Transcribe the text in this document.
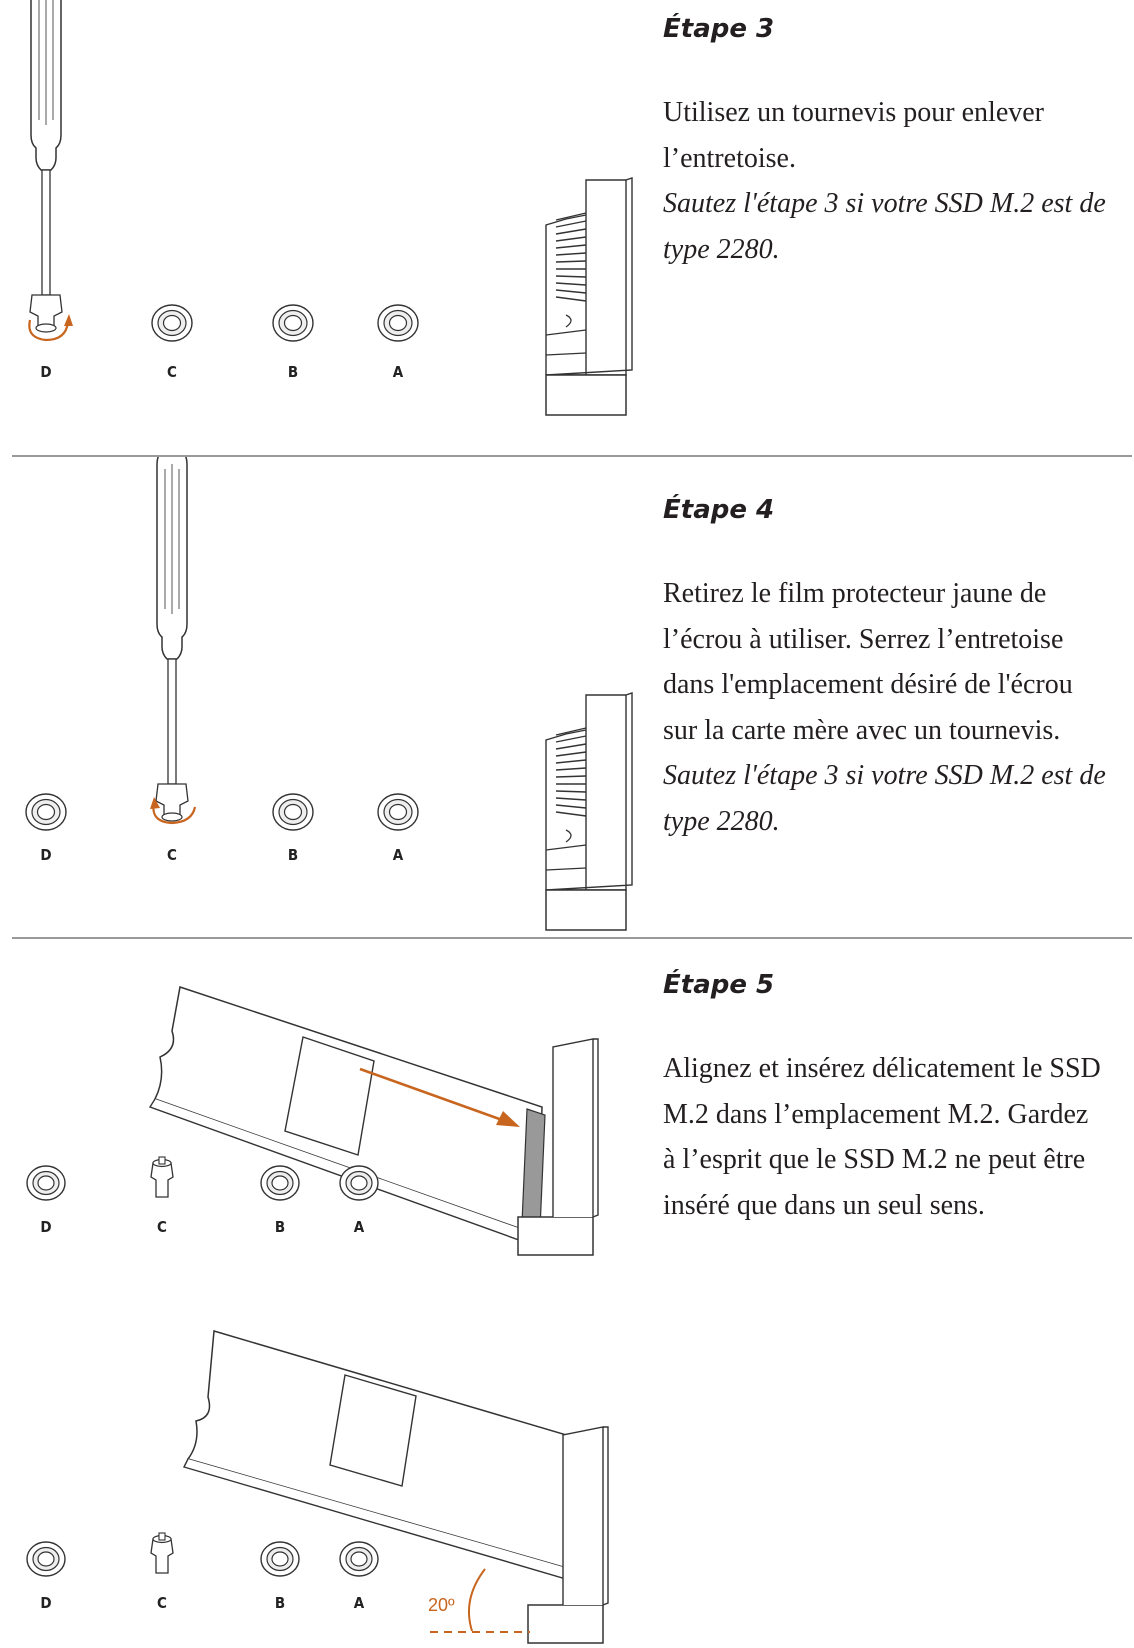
D	C	B	A

Étape 3

Utilisez un tournevis pour enlever

l’entretoise.

Sautez l'étape 3 si votre SSD M.2 est de

type 2280.

D	C	B	A

Étape 4

Retirez le film protecteur jaune de

l’écrou à utiliser. Serrez l’entretoise

dans l'emplacement désiré de l'écrou

sur la carte mère avec un tournevis.

Sautez l'étape 3 si votre SSD M.2 est de

type 2280.

D	C	B	A
D	C	B	A	20º

Étape 5

Alignez et insérez délicatement le SSD

M.2 dans l’emplacement M.2. Gardez

à l’esprit que le SSD M.2 ne peut être

inséré que dans un seul sens.
